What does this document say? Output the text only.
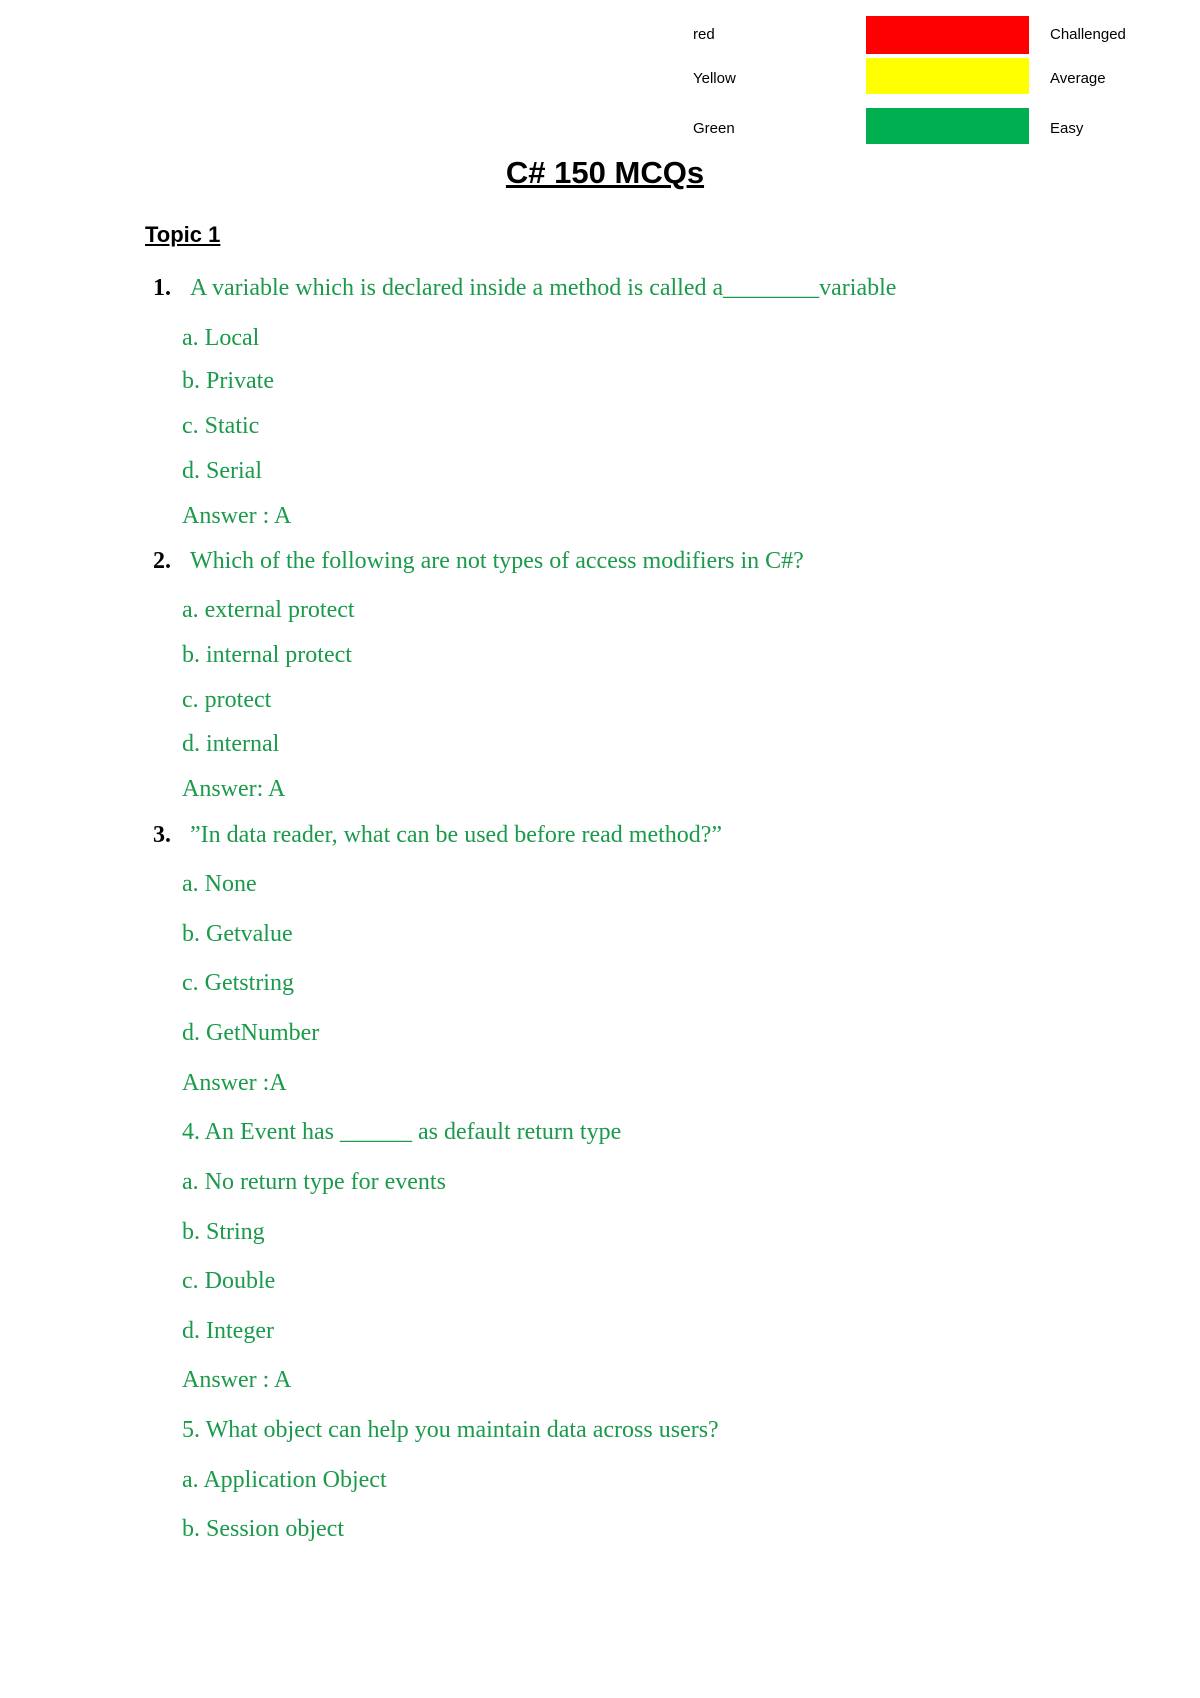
red	Challenged
Yellow	Average
Green	Easy
C# 150 MCQs
Topic 1
1. A variable which is declared inside a method is called a________variable
a. Local
b. Private
c. Static
d. Serial
Answer : A
2. Which of the following are not types of access modifiers in C#?
a. external protect
b. internal protect
c. protect
d. internal
Answer: A
3. ”In data reader, what can be used before read method?”
a. None
b. Getvalue
c. Getstring
d. GetNumber
Answer :A
4. An Event has ______ as default return type
a. No return type for events
b. String
c. Double
d. Integer
Answer : A
5. What object can help you maintain data across users?
a. Application Object
b. Session object
